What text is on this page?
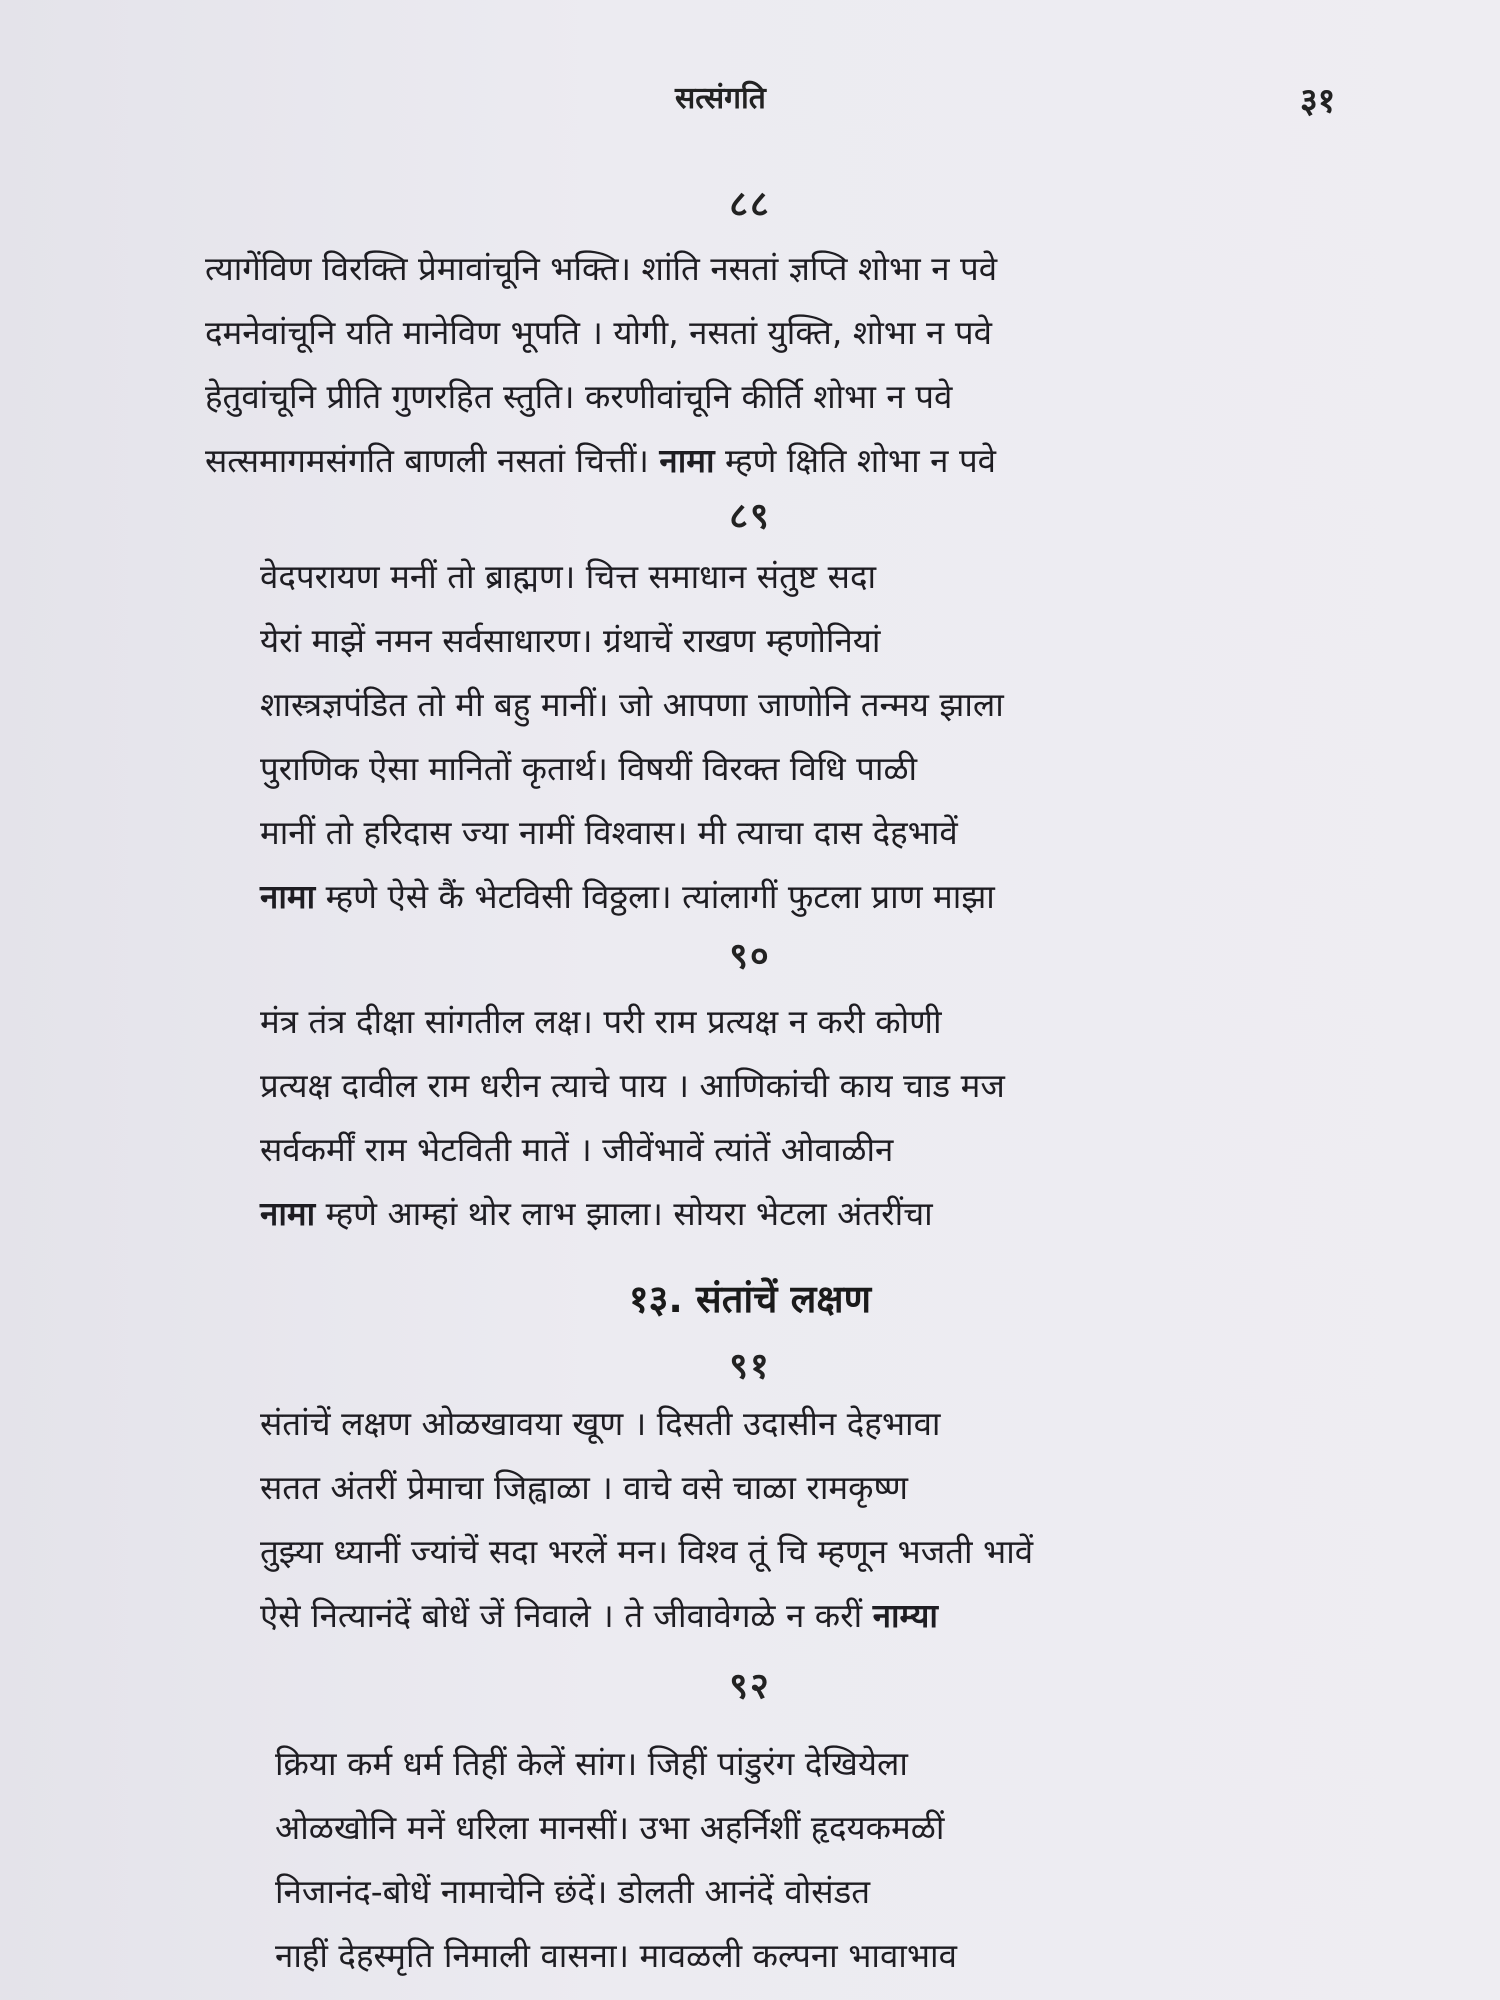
सत्संगति	३१
८८
त्यागेंविण विरक्ति प्रेमावांचूनि भक्ति। शांति नसतां ज्ञप्ति शोभा न पवे
दमनेवांचूनि यति मानेविण भूपति । योगी, नसतां युक्ति, शोभा न पवे
हेतुवांचूनि प्रीति गुणरहित स्तुति। करणीवांचूनि कीर्ति शोभा न पवे
सत्समागमसंगति बाणली नसतां चित्तीं। नामा म्हणे क्षिति शोभा न पवे
८९
वेदपरायण मनीं तो ब्राह्मण। चित्त समाधान संतुष्ट सदा
येरां माझें नमन सर्वसाधारण। ग्रंथाचें राखण म्हणोनियां
शास्त्रज्ञपंडित तो मी बहु मानीं। जो आपणा जाणोनि तन्मय झाला
पुराणिक ऐसा मानितों कृतार्थ। विषयीं विरक्त विधि पाळी
मानीं तो हरिदास ज्या नामीं विश्वास। मी त्याचा दास देहभावें
नामा म्हणे ऐसे कैं भेटविसी विठ्ठला। त्यांलागीं फुटला प्राण माझा
९०
मंत्र तंत्र दीक्षा सांगतील लक्ष। परी राम प्रत्यक्ष न करी कोणी
प्रत्यक्ष दावील राम धरीन त्याचे पाय । आणिकांची काय चाड मज
सर्वकर्मीं राम भेटविती मातें । जीवेंभावें त्यांतें ओवाळीन
नामा म्हणे आम्हां थोर लाभ झाला। सोयरा भेटला अंतरींचा
१३. संतांचें लक्षण
९१
संतांचें लक्षण ओळखावया खूण । दिसती उदासीन देहभावा
सतत अंतरीं प्रेमाचा जिह्वाळा । वाचे वसे चाळा रामकृष्ण
तुझ्या ध्यानीं ज्यांचें सदा भरलें मन। विश्व तूं चि म्हणून भजती भावें
ऐसे नित्यानंदें बोधें जें निवाले । ते जीवावेगळे न करीं नाम्या
९२
क्रिया कर्म धर्म तिहीं केलें सांग। जिहीं पांडुरंग देखियेला
ओळखोनि मनें धरिला मानसीं। उभा अहर्निशीं हृदयकमळीं
निजानंद-बोधें नामाचेनि छंदें। डोलती आनंदें वोसंडत
नाहीं देहस्मृति निमाली वासना। मावळली कल्पना भावाभाव
